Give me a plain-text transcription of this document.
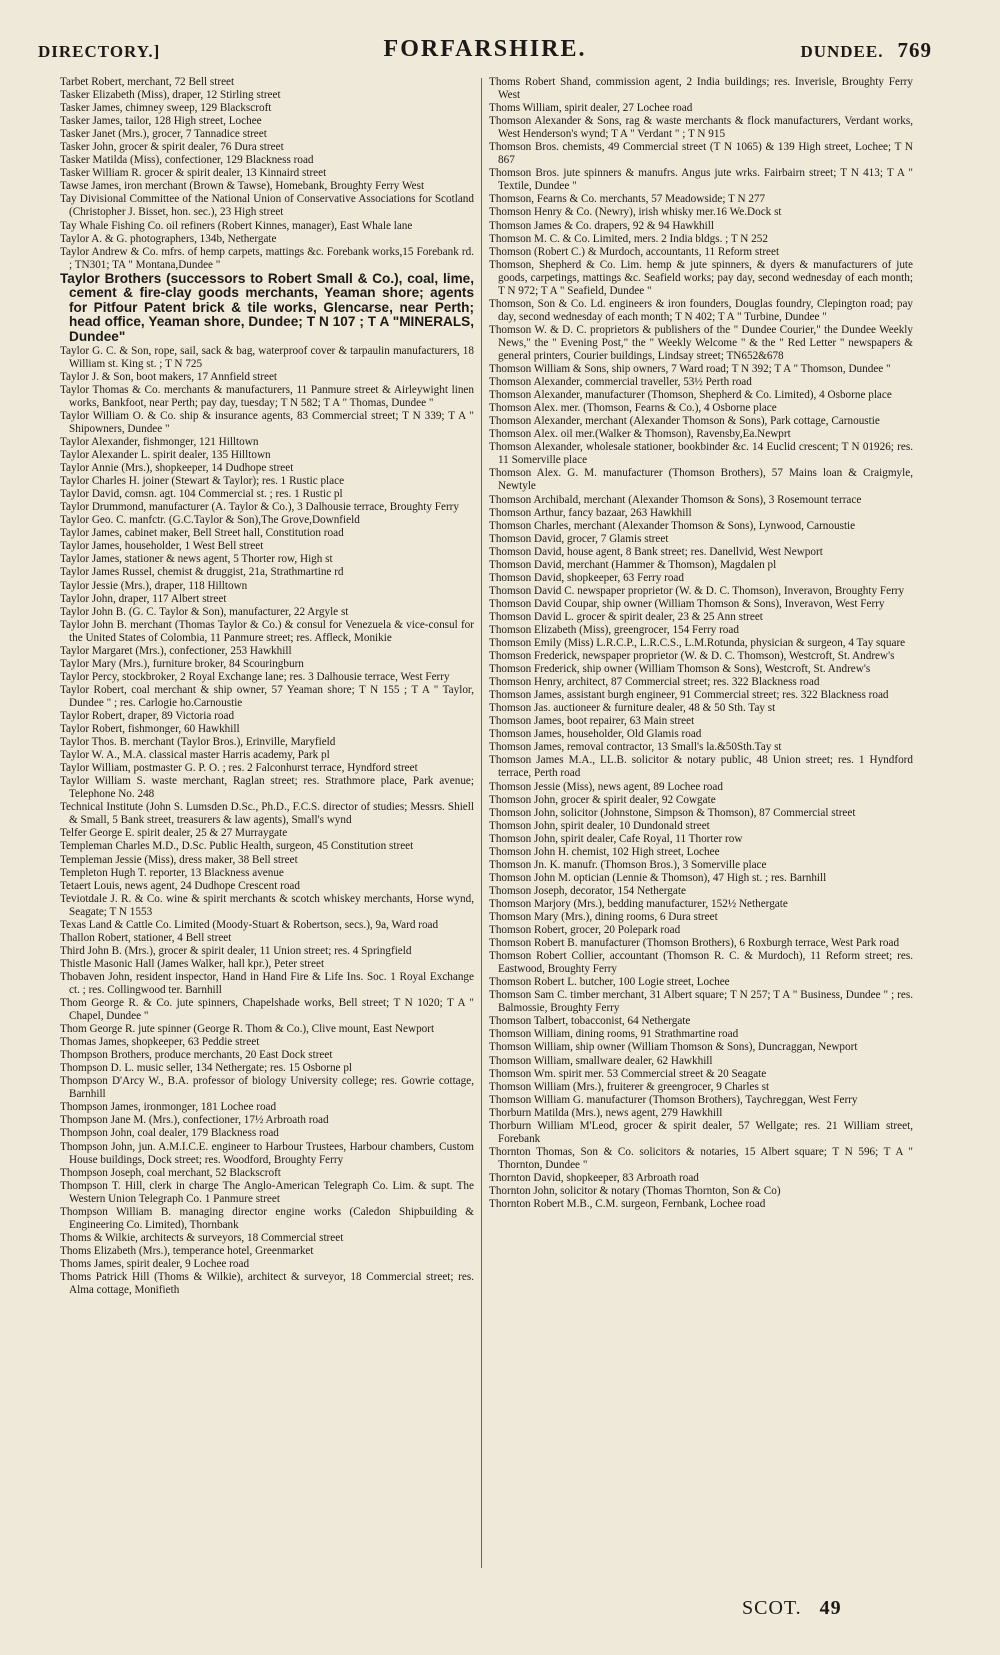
DIRECTORY.]	FORFARSHIRE.	DUNDEE. 769

Tarbet Robert, merchant, 72 Bell street

Tasker Elizabeth (Miss), draper, 12 Stirling street

Tasker James, chimney sweep, 129 Blackscroft

Tasker James, tailor, 128 High street, Lochee

Tasker Janet (Mrs.), grocer, 7 Tannadice street

Tasker John, grocer & spirit dealer, 76 Dura street

Tasker Matilda (Miss), confectioner, 129 Blackness road

Tasker William R. grocer & spirit dealer, 13 Kinnaird street

Tawse James, iron merchant (Brown & Tawse), Homebank, Broughty Ferry West

Tay Divisional Committee of the National Union of Conservative Associations for Scotland (Christopher J. Bisset, hon. sec.), 23 High street

Tay Whale Fishing Co. oil refiners (Robert Kinnes, manager), East Whale lane

Taylor A. & G. photographers, 134b, Nethergate

Taylor Andrew & Co. mfrs. of hemp carpets, mattings &c. Forebank works,15 Forebank rd. ; TN301; TA " Montana,Dundee "

Taylor Brothers (successors to Robert Small & Co.), coal, lime, cement & fire-clay goods merchants, Yeaman shore; agents for Pitfour Patent brick & tile works, Glencarse, near Perth; head office, Yeaman shore, Dundee; T N 107 ; T A "MINERALS, Dundee"

Taylor G. C. & Son, rope, sail, sack & bag, waterproof cover & tarpaulin manufacturers, 18 William st. King st. ; T N 725

Taylor J. & Son, boot makers, 17 Annfield street

Taylor Thomas & Co. merchants & manufacturers, 11 Panmure street & Airleywight linen works, Bankfoot, near Perth; pay day, tuesday; T N 582; T A " Thomas, Dundee "

Taylor William O. & Co. ship & insurance agents, 83 Commercial street; T N 339; T A " Shipowners, Dundee "

Taylor Alexander, fishmonger, 121 Hilltown

Taylor Alexander L. spirit dealer, 135 Hilltown

Taylor Annie (Mrs.), shopkeeper, 14 Dudhope street

Taylor Charles H. joiner (Stewart & Taylor); res. 1 Rustic place

Taylor David, comsn. agt. 104 Commercial st. ; res. 1 Rustic pl

Taylor Drummond, manufacturer (A. Taylor & Co.), 3 Dalhousie terrace, Broughty Ferry

Taylor Geo. C. manfctr. (G.C.Taylor & Son),The Grove,Downfield

Taylor James, cabinet maker, Bell Street hall, Constitution road

Taylor James, householder, 1 West Bell street

Taylor James, stationer & news agent, 5 Thorter row, High st

Taylor James Russel, chemist & druggist, 21a, Strathmartine rd

Taylor Jessie (Mrs.), draper, 118 Hilltown

Taylor John, draper, 117 Albert street

Taylor John B. (G. C. Taylor & Son), manufacturer, 22 Argyle st

Taylor John B. merchant (Thomas Taylor & Co.) & consul for Venezuela & vice-consul for the United States of Colombia, 11 Panmure street; res. Affleck, Monikie

Taylor Margaret (Mrs.), confectioner, 253 Hawkhill

Taylor Mary (Mrs.), furniture broker, 84 Scouringburn

Taylor Percy, stockbroker, 2 Royal Exchange lane; res. 3 Dalhousie terrace, West Ferry

Taylor Robert, coal merchant & ship owner, 57 Yeaman shore; T N 155 ; T A " Taylor, Dundee " ; res. Carlogie ho.Carnoustie

Taylor Robert, draper, 89 Victoria road

Taylor Robert, fishmonger, 60 Hawkhill

Taylor Thos. B. merchant (Taylor Bros.), Erinville, Maryfield

Taylor W. A., M.A. classical master Harris academy, Park pl

Taylor William, postmaster G. P. O. ; res. 2 Falconhurst terrace, Hyndford street

Taylor William S. waste merchant, Raglan street; res. Strathmore place, Park avenue; Telephone No. 248

Technical Institute (John S. Lumsden D.Sc., Ph.D., F.C.S. director of studies; Messrs. Shiell & Small, 5 Bank street, treasurers & law agents), Small's wynd

Telfer George E. spirit dealer, 25 & 27 Murraygate

Templeman Charles M.D., D.Sc. Public Health, surgeon, 45 Constitution street

Templeman Jessie (Miss), dress maker, 38 Bell street

Templeton Hugh T. reporter, 13 Blackness avenue

Tetaert Louis, news agent, 24 Dudhope Crescent road

Teviotdale J. R. & Co. wine & spirit merchants & scotch whiskey merchants, Horse wynd, Seagate; T N 1553

Texas Land & Cattle Co. Limited (Moody-Stuart & Robertson, secs.), 9a, Ward road

Thallon Robert, stationer, 4 Bell street

Third John B. (Mrs.), grocer & spirit dealer, 11 Union street; res. 4 Springfield

Thistle Masonic Hall (James Walker, hall kpr.), Peter street

Thobaven John, resident inspector, Hand in Hand Fire & Life Ins. Soc. 1 Royal Exchange ct. ; res. Collingwood ter. Barnhill

Thom George R. & Co. jute spinners, Chapelshade works, Bell street; T N 1020; T A " Chapel, Dundee "

Thom George R. jute spinner (George R. Thom & Co.), Clive mount, East Newport

Thomas James, shopkeeper, 63 Peddie street

Thompson Brothers, produce merchants, 20 East Dock street

Thompson D. L. music seller, 134 Nethergate; res. 15 Osborne pl

Thompson D'Arcy W., B.A. professor of biology University college; res. Gowrie cottage, Barnhill

Thompson James, ironmonger, 181 Lochee road

Thompson Jane M. (Mrs.), confectioner, 17½ Arbroath road

Thompson John, coal dealer, 179 Blackness road

Thompson John, jun. A.M.I.C.E. engineer to Harbour Trustees, Harbour chambers, Custom House buildings, Dock street; res. Woodford, Broughty Ferry

Thompson Joseph, coal merchant, 52 Blackscroft

Thompson T. Hill, clerk in charge The Anglo-American Telegraph Co. Lim. & supt. The Western Union Telegraph Co. 1 Panmure street

Thompson William B. managing director engine works (Caledon Shipbuilding & Engineering Co. Limited), Thornbank

Thoms & Wilkie, architects & surveyors, 18 Commercial street

Thoms Elizabeth (Mrs.), temperance hotel, Greenmarket

Thoms James, spirit dealer, 9 Lochee road

Thoms Patrick Hill (Thoms & Wilkie), architect & surveyor, 18 Commercial street; res. Alma cottage, Monifieth

Thoms Robert Shand, commission agent, 2 India buildings; res. Inverisle, Broughty Ferry West

Thoms William, spirit dealer, 27 Lochee road

Thomson Alexander & Sons, rag & waste merchants & flock manufacturers, Verdant works, West Henderson's wynd; T A " Verdant " ; T N 915

Thomson Bros. chemists, 49 Commercial street (T N 1065) & 139 High street, Lochee; T N 867

Thomson Bros. jute spinners & manufrs. Angus jute wrks. Fairbairn street; T N 413; T A " Textile, Dundee "

Thomson, Fearns & Co. merchants, 57 Meadowside; T N 277

Thomson Henry & Co. (Newry), irish whisky mer.16 We.Dock st

Thomson James & Co. drapers, 92 & 94 Hawkhill

Thomson M. C. & Co. Limited, mers. 2 India bldgs. ; T N 252

Thomson (Robert C.) & Murdoch, accountants, 11 Reform street

Thomson, Shepherd & Co. Lim. hemp & jute spinners, & dyers & manufacturers of jute goods, carpetings, mattings &c. Seafield works; pay day, second wednesday of each month; T N 972; T A " Seafield, Dundee "

Thomson, Son & Co. Ld. engineers & iron founders, Douglas foundry, Clepington road; pay day, second wednesday of each month; T N 402; T A " Turbine, Dundee "

Thomson W. & D. C. proprietors & publishers of the " Dundee Courier," the Dundee Weekly News," the " Evening Post," the " Weekly Welcome " & the " Red Letter " newspapers & general printers, Courier buildings, Lindsay street; TN652&678

Thomson William & Sons, ship owners, 7 Ward road; T N 392; T A " Thomson, Dundee "

Thomson Alexander, commercial traveller, 53½ Perth road

Thomson Alexander, manufacturer (Thomson, Shepherd & Co. Limited), 4 Osborne place

Thomson Alex. mer. (Thomson, Fearns & Co.), 4 Osborne place

Thomson Alexander, merchant (Alexander Thomson & Sons), Park cottage, Carnoustie

Thomson Alex. oil mer.(Walker & Thomson), Ravensby,Ea.Newprt

Thomson Alexander, wholesale stationer, bookbinder &c. 14 Euclid crescent; T N 01926; res. 11 Somerville place

Thomson Alex. G. M. manufacturer (Thomson Brothers), 57 Mains loan & Craigmyle, Newtyle

Thomson Archibald, merchant (Alexander Thomson & Sons), 3 Rosemount terrace

Thomson Arthur, fancy bazaar, 263 Hawkhill

Thomson Charles, merchant (Alexander Thomson & Sons), Lynwood, Carnoustie

Thomson David, grocer, 7 Glamis street

Thomson David, house agent, 8 Bank street; res. Danellvid, West Newport

Thomson David, merchant (Hammer & Thomson), Magdalen pl

Thomson David, shopkeeper, 63 Ferry road

Thomson David C. newspaper proprietor (W. & D. C. Thomson), Inveravon, Broughty Ferry

Thomson David Coupar, ship owner (William Thomson & Sons), Inveravon, West Ferry

Thomson David L. grocer & spirit dealer, 23 & 25 Ann street

Thomson Elizabeth (Miss), greengrocer, 154 Ferry road

Thomson Emily (Miss) L.R.C.P., L.R.C.S., L.M.Rotunda, physician & surgeon, 4 Tay square

Thomson Frederick, newspaper proprietor (W. & D. C. Thomson), Westcroft, St. Andrew's

Thomson Frederick, ship owner (William Thomson & Sons), Westcroft, St. Andrew's

Thomson Henry, architect, 87 Commercial street; res. 322 Blackness road

Thomson James, assistant burgh engineer, 91 Commercial street; res. 322 Blackness road

Thomson Jas. auctioneer & furniture dealer, 48 & 50 Sth. Tay st

Thomson James, boot repairer, 63 Main street

Thomson James, householder, Old Glamis road

Thomson James, removal contractor, 13 Small's la.&50Sth.Tay st

Thomson James M.A., LL.B. solicitor & notary public, 48 Union street; res. 1 Hyndford terrace, Perth road

Thomson Jessie (Miss), news agent, 89 Lochee road

Thomson John, grocer & spirit dealer, 92 Cowgate

Thomson John, solicitor (Johnstone, Simpson & Thomson), 87 Commercial street

Thomson John, spirit dealer, 10 Dundonald street

Thomson John, spirit dealer, Cafe Royal, 11 Thorter row

Thomson John H. chemist, 102 High street, Lochee

Thomson Jn. K. manufr. (Thomson Bros.), 3 Somerville place

Thomson John M. optician (Lennie & Thomson), 47 High st. ; res. Barnhill

Thomson Joseph, decorator, 154 Nethergate

Thomson Marjory (Mrs.), bedding manufacturer, 152½ Nethergate

Thomson Mary (Mrs.), dining rooms, 6 Dura street

Thomson Robert, grocer, 20 Polepark road

Thomson Robert B. manufacturer (Thomson Brothers), 6 Roxburgh terrace, West Park road

Thomson Robert Collier, accountant (Thomson R. C. & Murdoch), 11 Reform street; res. Eastwood, Broughty Ferry

Thomson Robert L. butcher, 100 Logie street, Lochee

Thomson Sam C. timber merchant, 31 Albert square; T N 257; T A " Business, Dundee " ; res. Balmossie, Broughty Ferry

Thomson Talbert, tobacconist, 64 Nethergate

Thomson William, dining rooms, 91 Strathmartine road

Thomson William, ship owner (William Thomson & Sons), Duncraggan, Newport

Thomson William, smallware dealer, 62 Hawkhill

Thomson Wm. spirit mer. 53 Commercial street & 20 Seagate

Thomson William (Mrs.), fruiterer & greengrocer, 9 Charles st

Thomson William G. manufacturer (Thomson Brothers), Taychreggan, West Ferry

Thorburn Matilda (Mrs.), news agent, 279 Hawkhill

Thorburn William M'Leod, grocer & spirit dealer, 57 Wellgate; res. 21 William street, Forebank

Thornton Thomas, Son & Co. solicitors & notaries, 15 Albert square; T N 596; T A " Thornton, Dundee "

Thornton David, shopkeeper, 83 Arbroath road

Thornton John, solicitor & notary (Thomas Thornton, Son & Co)

Thornton Robert M.B., C.M. surgeon, Fernbank, Lochee road

SCOT. 49
